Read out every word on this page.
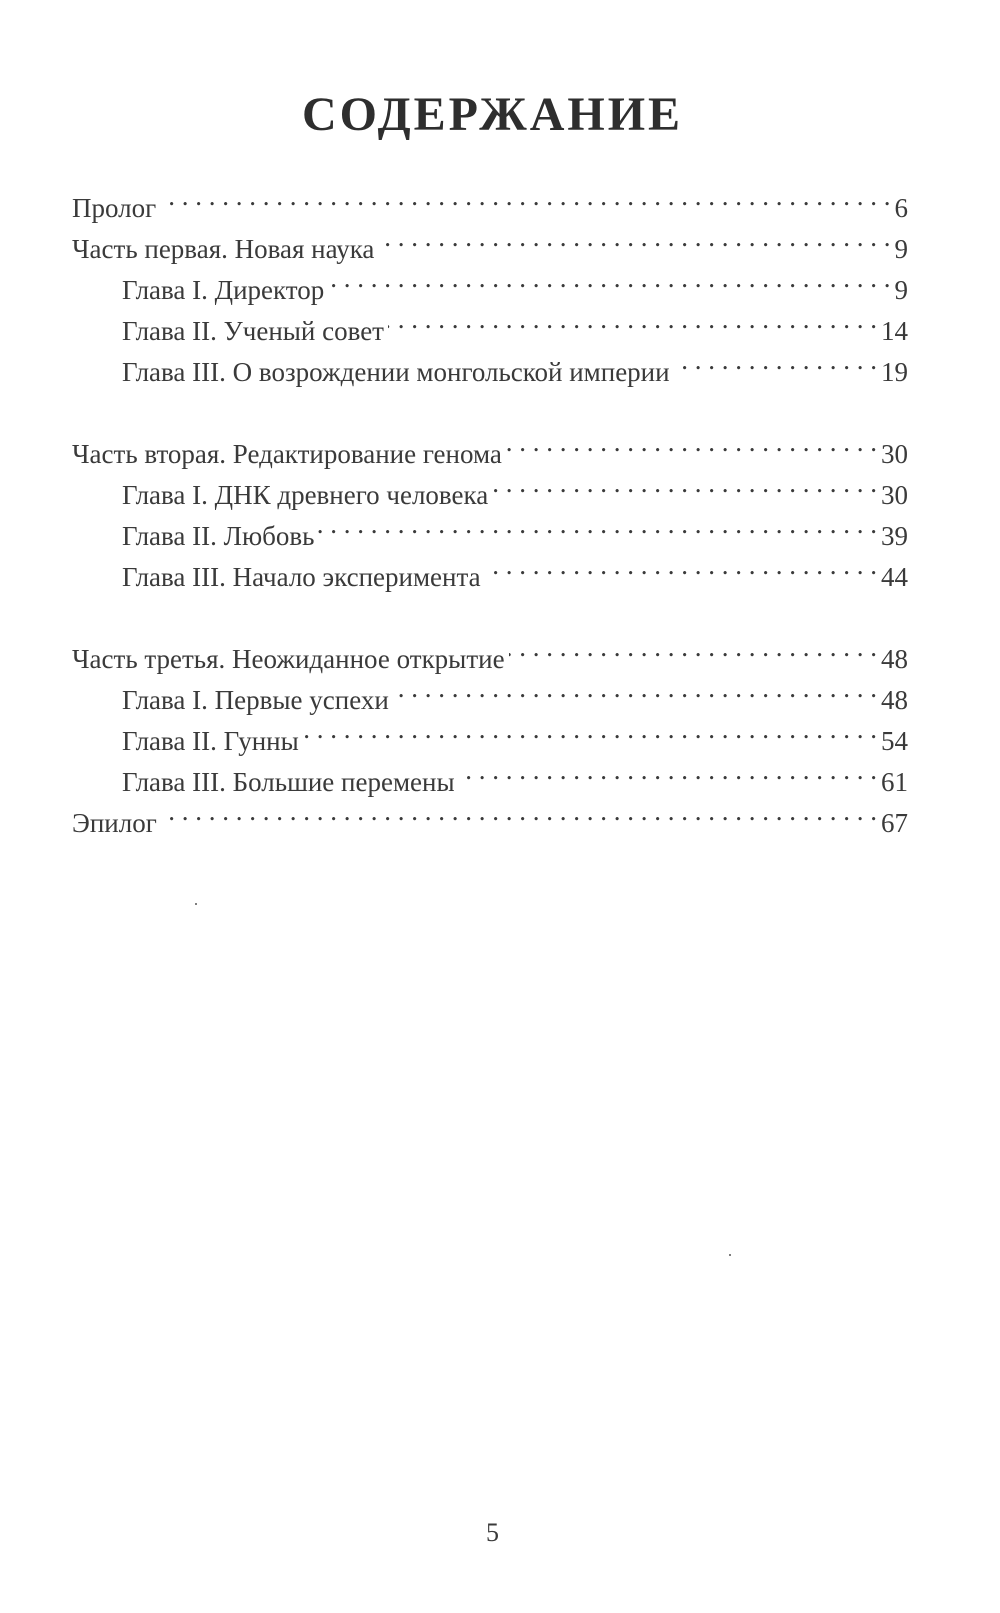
СОДЕРЖАНИЕ
Пролог . . .	6
Часть первая. Новая наука . . .	9
Глава I. Директор . . .	9
Глава II. Ученый совет . . .	14
Глава III. О возрождении монгольской империи . . .	19
Часть вторая. Редактирование генома . . .	30
Глава I. ДНК древнего человека . . .	30
Глава II. Любовь . . .	39
Глава III. Начало эксперимента . . .	44
Часть третья. Неожиданное открытие . . .	48
Глава I. Первые успехи . . .	48
Глава II. Гунны . . .	54
Глава III. Большие перемены . . .	61
Эпилог . . .	67
5
